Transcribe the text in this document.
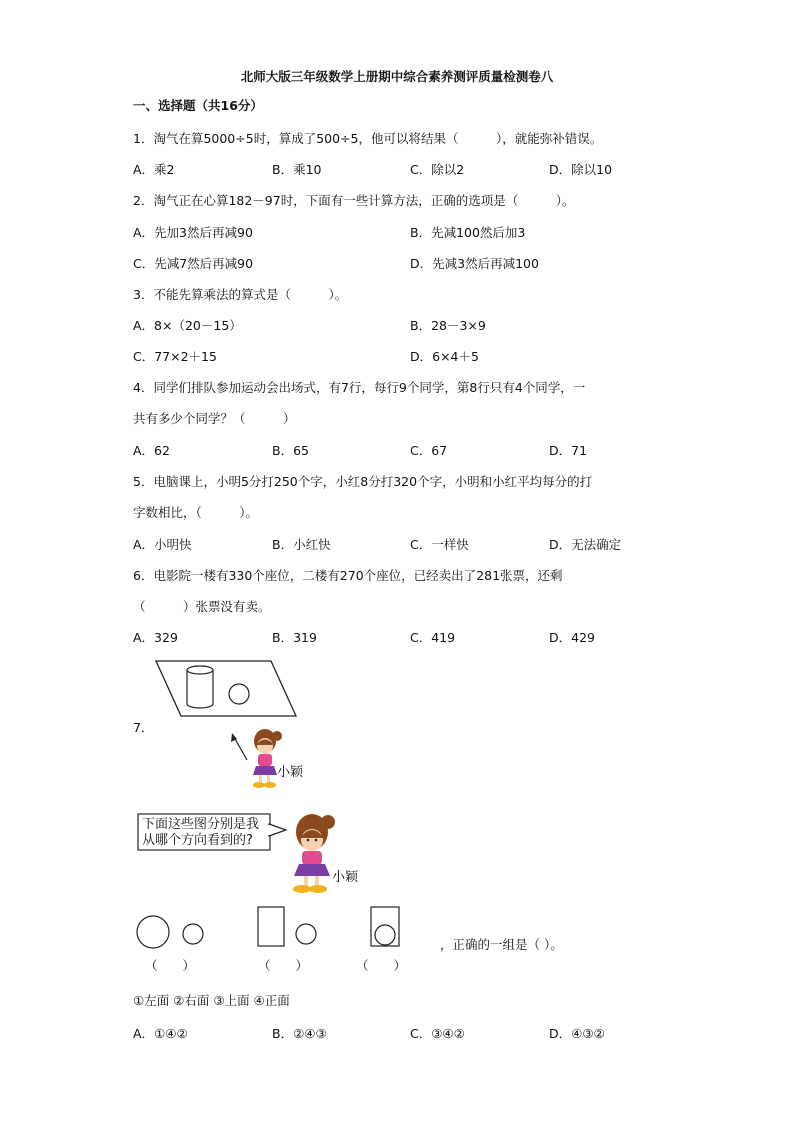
北师大版三年级数学上册期中综合素养测评质量检测卷八
一、选择题（共16分）
1．淘气在算5000÷5时，算成了500÷5，他可以将结果（　　　），就能弥补错误。
A．乘2	B．乘10	C．除以2	D．除以10
2．淘气正在心算182－97时，下面有一些计算方法，正确的选项是（　　　）。
A．先加3然后再减90	B．先减100然后加3
C．先减7然后再减90	D．先减3然后再减100
3．不能先算乘法的算式是（　　　）。
A．8×（20－15）	B．28－3×9
C．77×2＋15	D．6×4＋5
4．同学们排队参加运动会出场式，有7行，每行9个同学，第8行只有4个同学，一
共有多少个同学？（　　　）
A．62	B．65	C．67	D．71
5．电脑课上，小明5分打250个字，小红8分打320个字，小明和小红平均每分的打
字数相比，（　　　）。
A．小明快	B．小红快	C．一样快	D．无法确定
6．电影院一楼有330个座位，二楼有270个座位，已经卖出了281张票，还剩
（　　　）张票没有卖。
A．329	B．319	C．419	D．429
7．
小颖
下面这些图分别是我
从哪个方向看到的?
小颖
（　　）	（　　）	（　　）
，正确的一组是（ ）。
①左面 ②右面 ③上面 ④正面
A．①④②	B．②④③	C．③④②	D．④③②
